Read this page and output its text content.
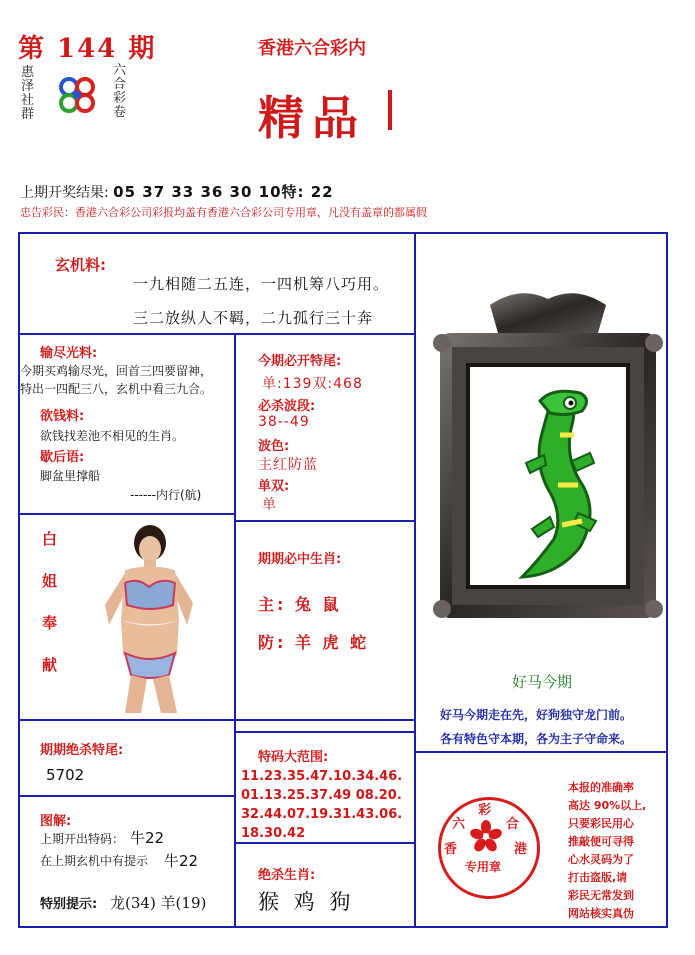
第 144 期
惠
泽
社
群
六
合
彩
卷
香港六合彩内
精品
上期开奖结果: 05 37 33 36 30 10特: 22
忠告彩民：香港六合彩公司彩报均盖有香港六合彩公司专用章，凡没有盖章的都属假
玄机料:
一九相随二五连，一四机筹八巧用。
三二放纵人不羁，二九孤行三十奔
输尽光料:
今期买鸡输尽光，回首三四要留神，
特出一四配三八，玄机中看三九合。
欲钱料:
欲钱找差池不相见的生肖。
歇后语:
脚盆里撑船
------内行(航)
白
姐
奉
献
期期绝杀特尾:
5702
图解:
上期开出特码： 牛22
在上期玄机中有提示 牛22
特别提示: 龙(34) 羊(19)
今期必开特尾:
单:139双:468
必杀波段:
38--49
波色:
主红防蓝
单双:
单
期期必中生肖:
主: 兔 鼠
防: 羊 虎 蛇
特码大范围:
11.23.35.47.10.34.46.
01.13.25.37.49 08.20.
32.44.07.19.31.43.06.
18.30.42
绝杀生肖:
猴 鸡 狗
好马今期
好马今期走在先，好狗独守龙门前。
各有特色守本期，各为主子守命来。
彩
六	合
香	港
专用章
本报的准确率
高达 90%以上,
只要彩民用心
推敲便可寻得
心水灵码为了
打击盗版,请
彩民无常发到
网站核实真伪
